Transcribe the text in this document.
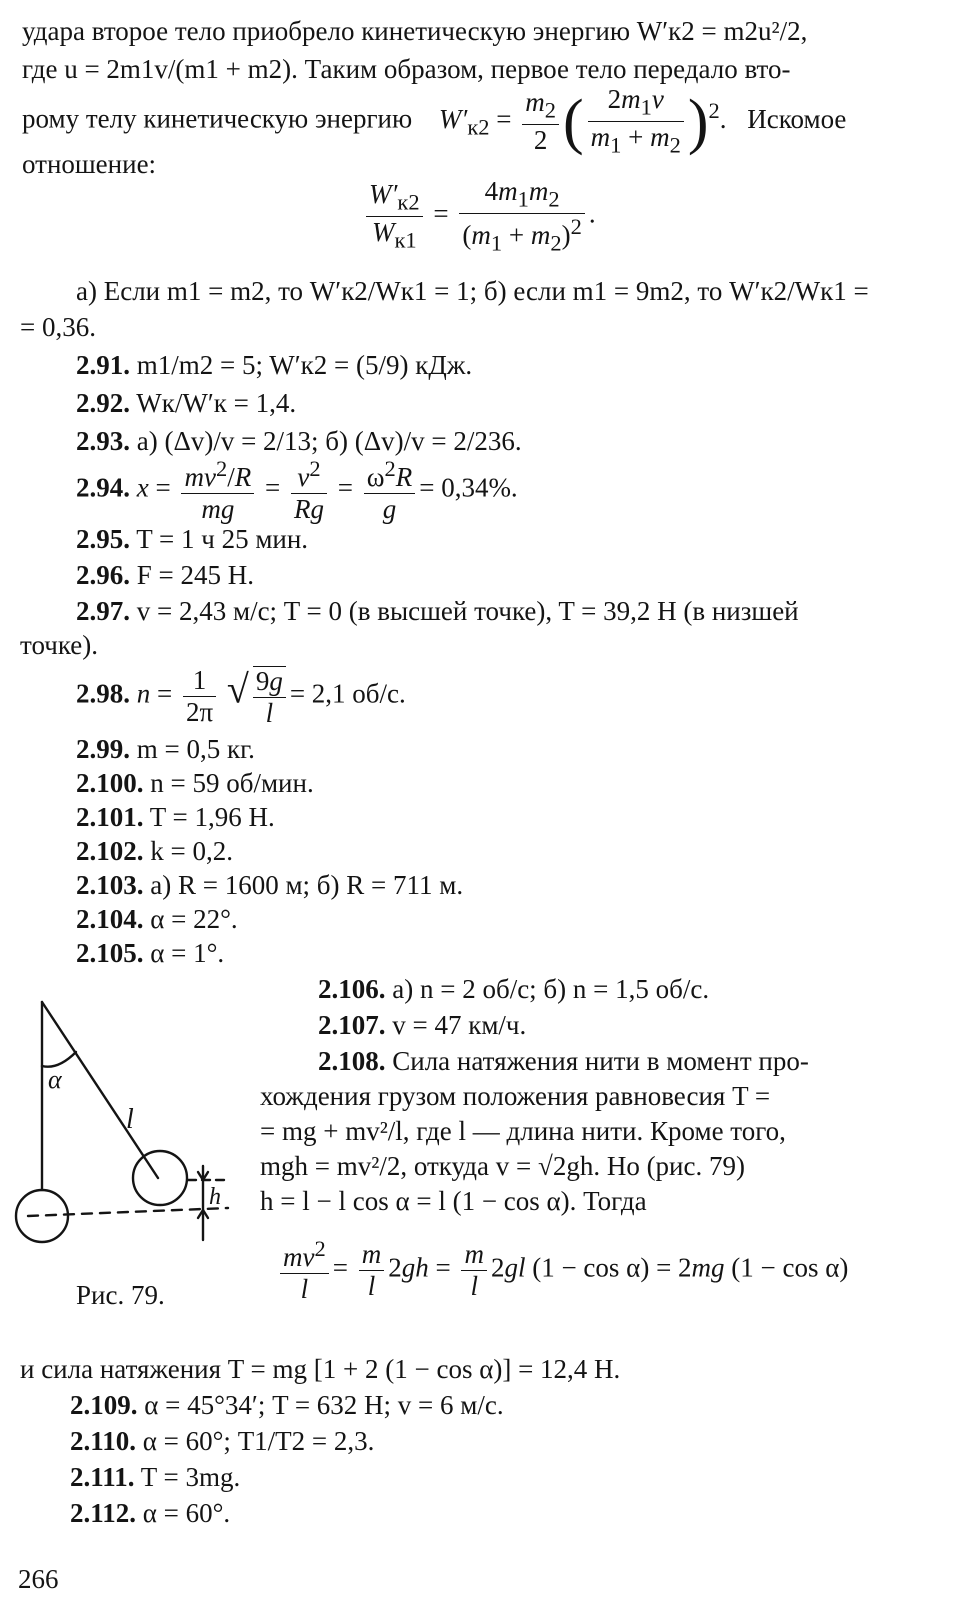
удара второе тело приобрело кинетическую энергию W′к2 = m2u²/2,
где u = 2m1v/(m1 + m2). Таким образом, первое тело передало вто-
рому телу кинетическую энергию $W'_{к2} = \frac{m_2}{2}$ ( $\frac{2m_1v}{m_1 + m_2} )^2$. Искомое
отношение:
$\frac{W'_{к2}}{W_{к1}} = \frac{4m_1m_2}{(m_1 + m_2)^2}$ .
а) Если m1 = m2, то W′к2/Wк1 = 1; б) если m1 = 9m2, то W′к2/Wк1 =
= 0,36.
2.91. m1/m2 = 5; W′к2 = (5/9) кДж.
2.92. Wк/W′к = 1,4.
2.93. а) (Δv)/v = 2/13; б) (Δv)/v = 2/236.
2.94. $x = \frac{mv^2/R}{mg} = \frac{v^2}{Rg} = \frac{\omega^2R}{g} = 0,34\%$.
2.95. T = 1 ч 25 мин.
2.96. F = 245 Н.
2.97. v = 2,43 м/с; T = 0 (в высшей точке), T = 39,2 Н (в низшей
точке).
2.98. $n = \frac{1}{2\pi}$ √ $\frac{9g}{l} = 2,1$ об/с.
2.99. m = 0,5 кг.
2.100. n = 59 об/мин.
2.101. T = 1,96 Н.
2.102. k = 0,2.
2.103. а) R = 1600 м; б) R = 711 м.
2.104. α = 22°.
2.105. α = 1°.
2.106. а) n = 2 об/с; б) n = 1,5 об/с.
2.107. v = 47 км/ч.
2.108. Сила натяжения нити в момент про-
хождения грузом положения равновесия T =
= mg + mv²/l, где l — длина нити. Кроме того,
mgh = mv²/2, откуда v = √2gh. Но (рис. 79)
h = l − l cos α = l (1 − cos α). Тогда
$\frac{mv^2}{l} = \frac{m}{l} 2gh = \frac{m}{l} 2gl$ (1 − cos α) = 2mg (1 − cos α)
α
l
h
Рис. 79.
и сила натяжения T = mg [1 + 2 (1 − cos α)] = 12,4 Н.
2.109. α = 45°34′; T = 632 Н; v = 6 м/с.
2.110. α = 60°; T1/T2 = 2,3.
2.111. T = 3mg.
2.112. α = 60°.
266
